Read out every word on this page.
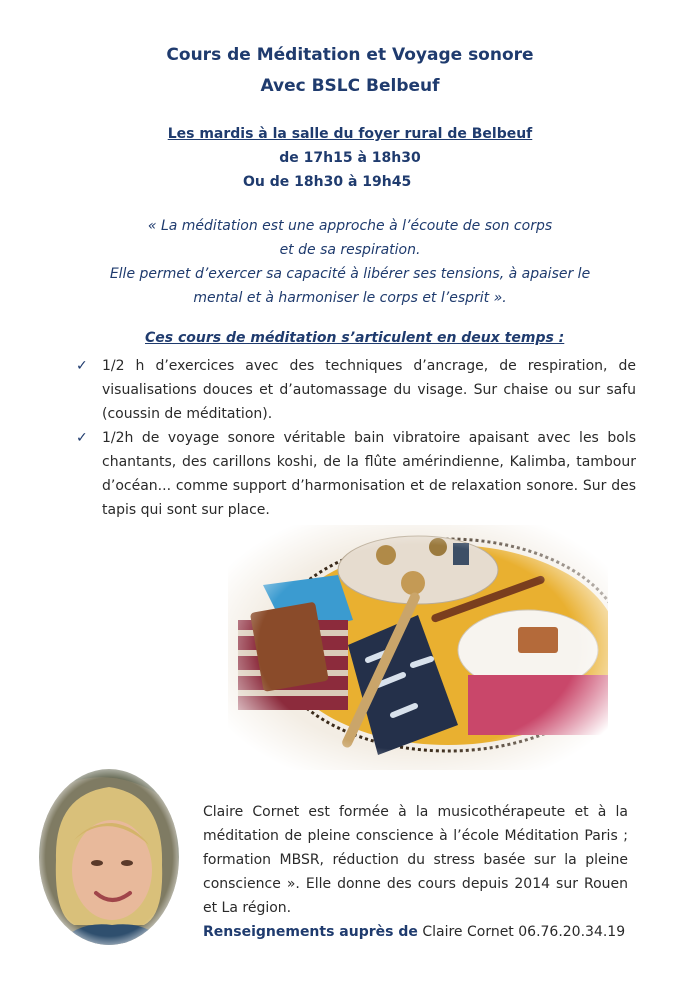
Cours de Méditation et Voyage sonore
Avec BSLC Belbeuf
Les mardis à la salle du foyer rural de Belbeuf
de 17h15 à 18h30
Ou de 18h30 à 19h45
« La méditation est une approche à l’écoute de son corps
et de sa respiration.
Elle permet d’exercer sa capacité à libérer ses tensions, à apaiser le
mental et à harmoniser le corps et l’esprit ».
Ces cours de méditation s’articulent en deux temps :
✓ 1/2 h d’exercices avec des techniques d’ancrage, de respiration, de visualisations douces et d’automassage du visage. Sur chaise ou sur safu (coussin de méditation).
✓ 1/2h de voyage sonore véritable bain vibratoire apaisant avec les bols chantants, des carillons koshi, de la flûte amérindienne, Kalimba, tambour d’océan... comme support d’harmonisation et de relaxation sonore. Sur des tapis qui sont sur place.
Claire Cornet est formée à la musicothérapeute et à la méditation de pleine conscience à l’école Méditation Paris ; formation MBSR, réduction du stress basée sur la pleine conscience ». Elle donne des cours depuis 2014 sur Rouen et La région.
Renseignements auprès de Claire Cornet 06.76.20.34.19
